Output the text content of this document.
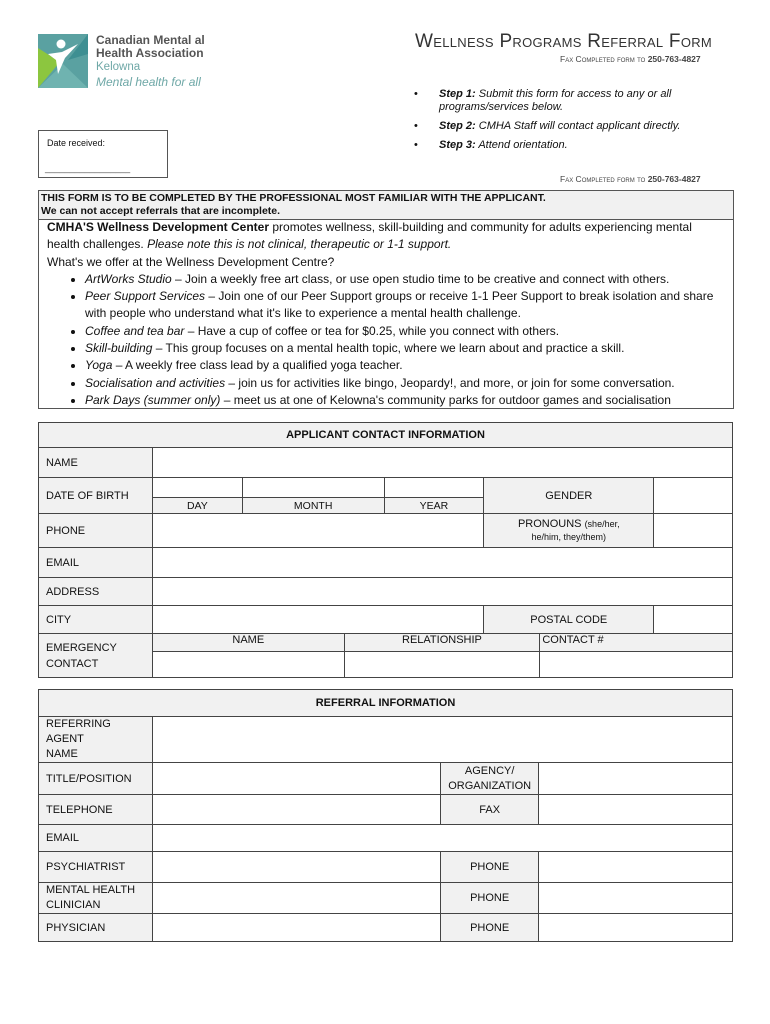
Canadian Mental al
Health Association
Kelowna
Mental health for all
Wellness Programs Referral Form
Fax Completed form to 250-763-4827
• Step 1: Submit this form for access to any or all
programs/services below.
• Step 2: CMHA Staff will contact applicant directly.
• Step 3: Attend orientation.
Date received:
_________________
Fax Completed form to 250-763-4827
THIS FORM IS TO BE COMPLETED BY THE PROFESSIONAL MOST FAMILIAR WITH THE APPLICANT.
We can not accept referrals that are incomplete.
CMHA'S Wellness Development Center promotes wellness, skill-building and community for adults experiencing mental health challenges. Please note this is not clinical, therapeutic or 1-1 support.
What's we offer at the Wellness Development Centre?
• ArtWorks Studio – Join a weekly free art class, or use open studio time to be creative and connect with others.
• Peer Support Services – Join one of our Peer Support groups or receive 1-1 Peer Support to break isolation and share with people who understand what it's like to experience a mental health challenge.
• Coffee and tea bar – Have a cup of coffee or tea for $0.25, while you connect with others.
• Skill-building – This group focuses on a mental health topic, where we learn about and practice a skill.
• Yoga – A weekly free class lead by a qualified yoga teacher.
• Socialisation and activities – join us for activities like bingo, Jeopardy!, and more, or join for some conversation.
• Park Days (summer only) – meet us at one of Kelowna's community parks for outdoor games and socialisation
APPLICANT CONTACT INFORMATION							
NAME							
DATE OF BIRTH					GENDER		
	DAY	MONTH		YEAR			
PHONE					PRONOUNS (she/her,
he/him, they/them)		
EMAIL							
ADDRESS							
CITY					POSTAL CODE		
EMERGENCY
CONTACT	NAME		RELATIONSHIP			CONTACT #	

REFERRAL INFORMATION			
REFERRING AGENT
NAME			
TITLE/POSITION		AGENCY/
ORGANIZATION	
TELEPHONE		FAX	
EMAIL			
PSYCHIATRIST		PHONE	
MENTAL HEALTH
CLINICIAN		PHONE	
PHYSICIAN		PHONE	
